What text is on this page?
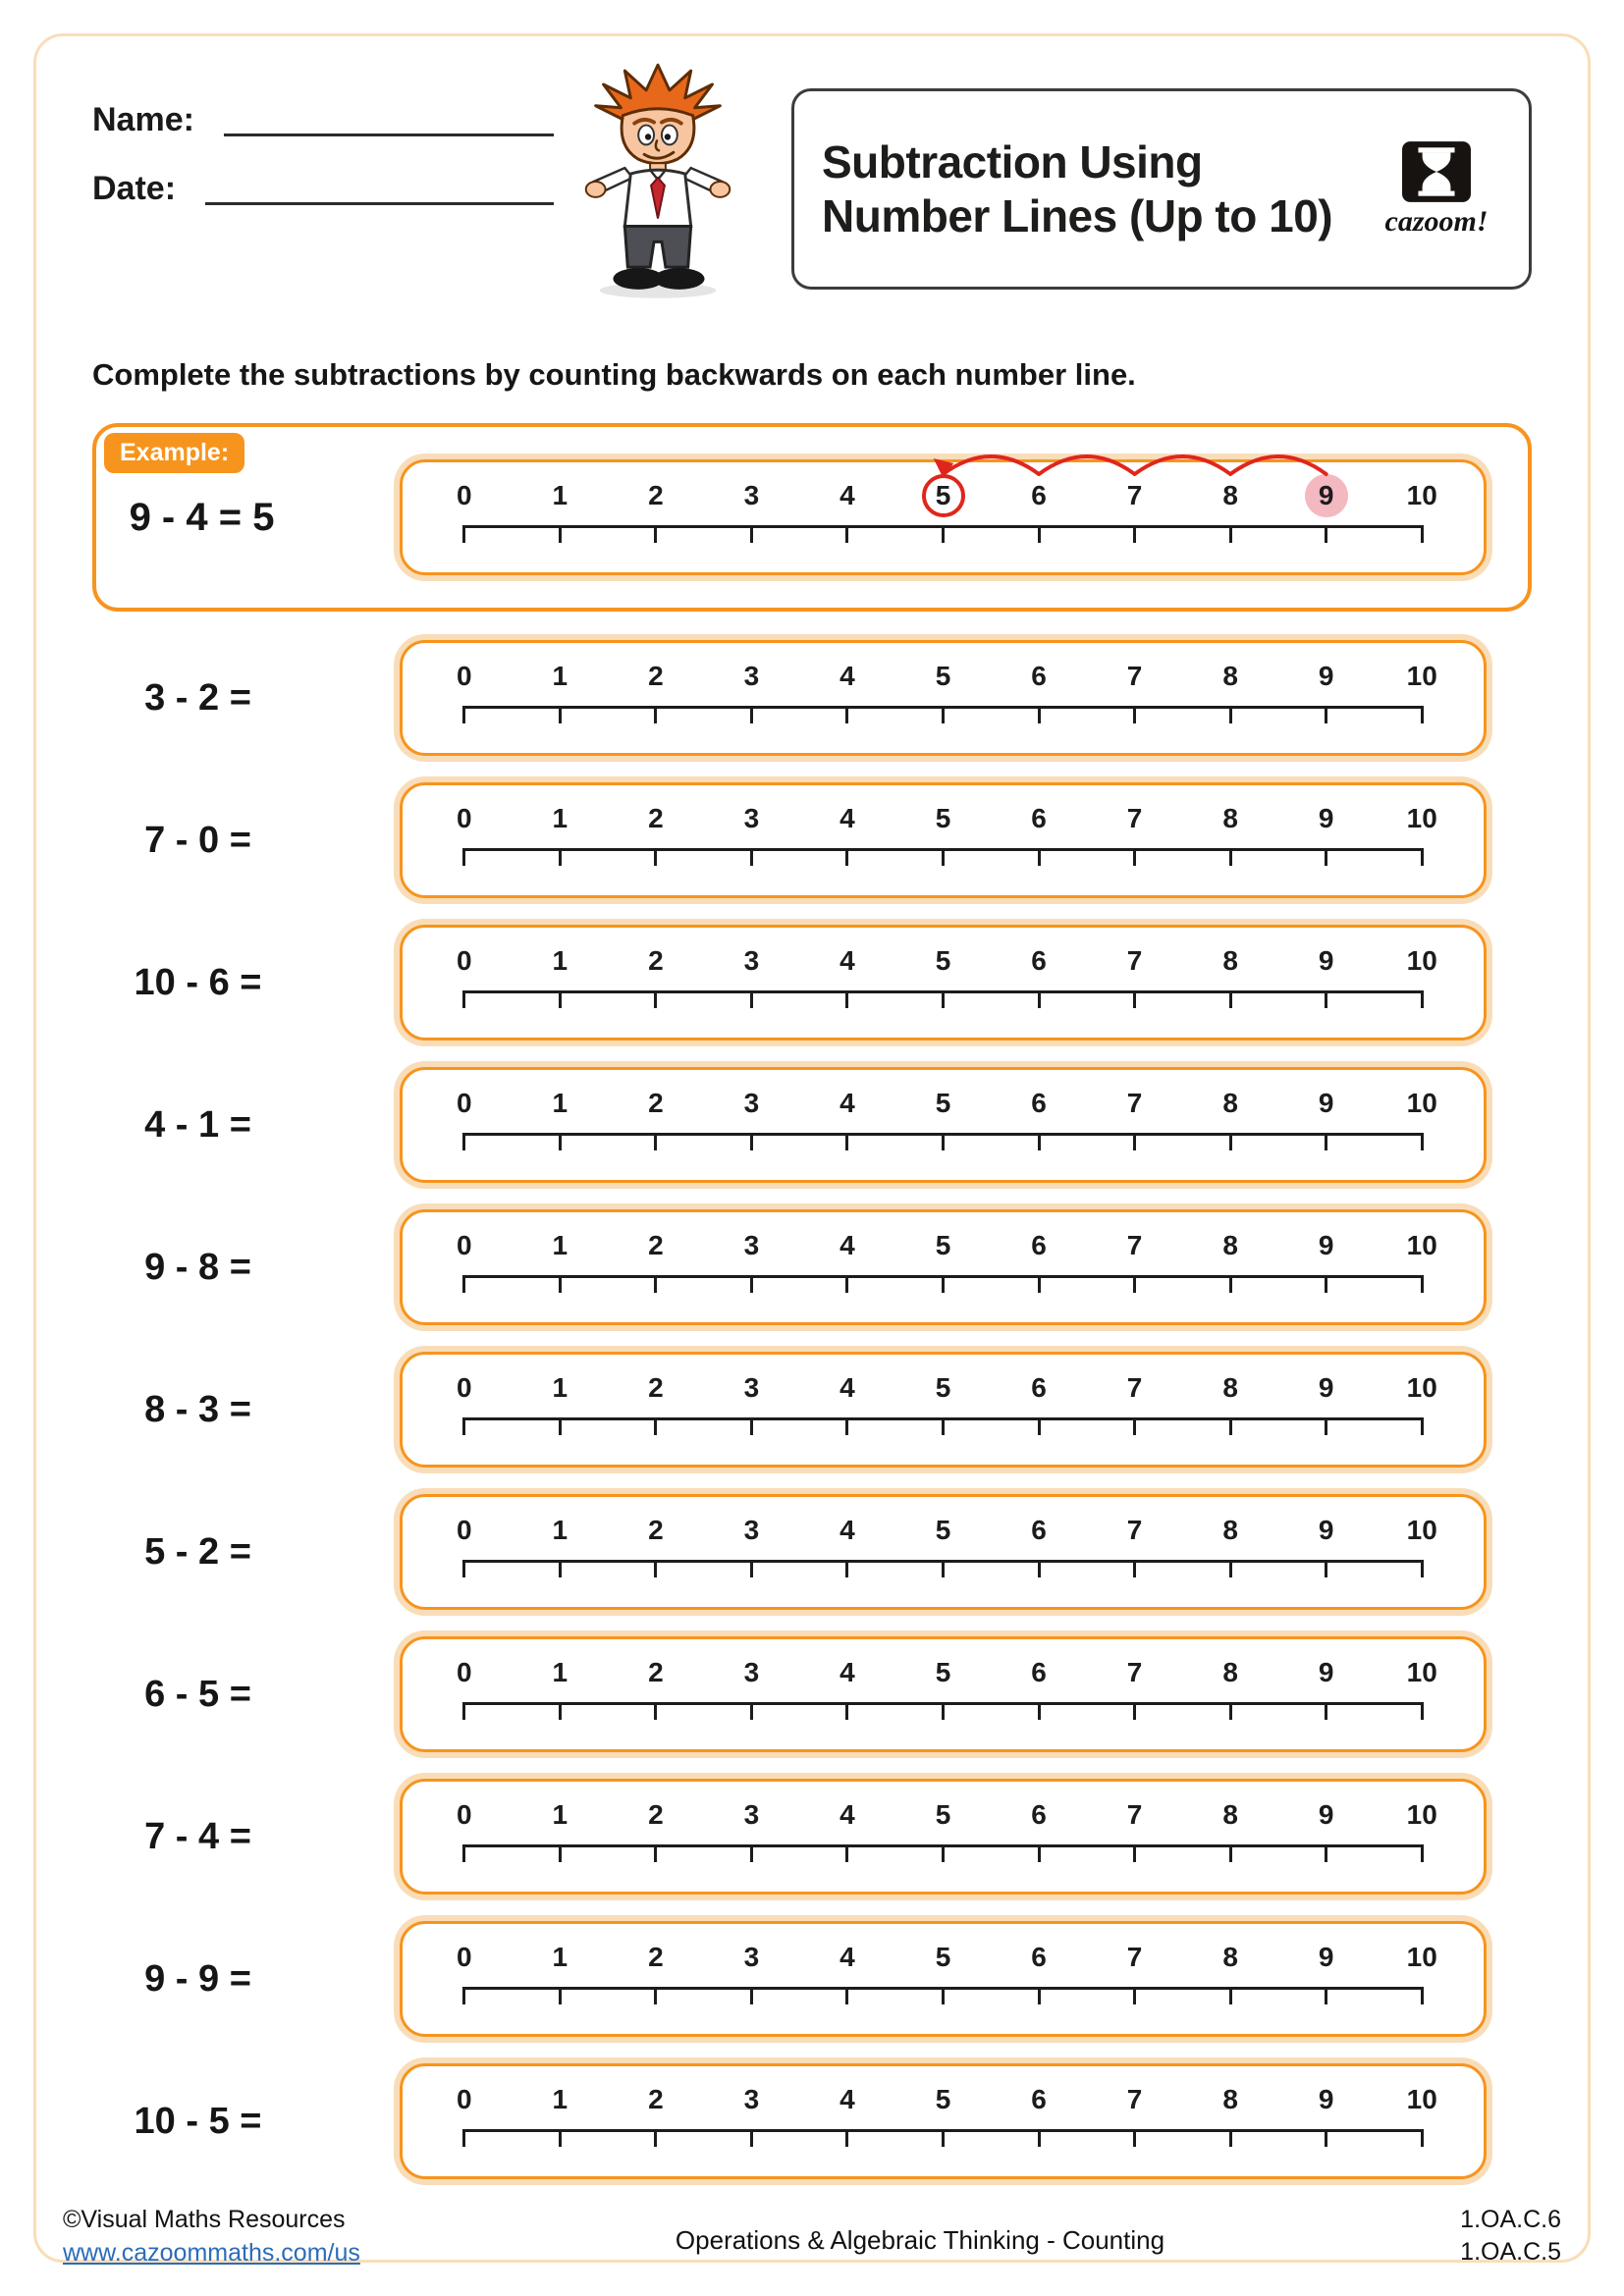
Name:
Date:
Subtraction Using
Number Lines (Up to 10)	cazoom!

Complete the subtractions by counting backwards on each number line.

Example:
9 - 4 = 5	0	1	2	3	4	5	6	7	8	9	10
3 - 2 =
0	1	2	3	4	5	6	7	8	9	10
7 - 0 =
0	1	2	3	4	5	6	7	8	9	10
10 - 6 =
0	1	2	3	4	5	6	7	8	9	10
4 - 1 =
0	1	2	3	4	5	6	7	8	9	10
9 - 8 =
0	1	2	3	4	5	6	7	8	9	10
8 - 3 =
0	1	2	3	4	5	6	7	8	9	10
5 - 2 =
0	1	2	3	4	5	6	7	8	9	10
6 - 5 =
0	1	2	3	4	5	6	7	8	9	10
7 - 4 =
0	1	2	3	4	5	6	7	8	9	10
9 - 9 =
0	1	2	3	4	5	6	7	8	9	10
10 - 5 =
0	1	2	3	4	5	6	7	8	9	10
©Visual Maths Resources
www.cazoommaths.com/us	Operations & Algebraic Thinking - Counting
1.OA.C.6
1.OA.C.5
